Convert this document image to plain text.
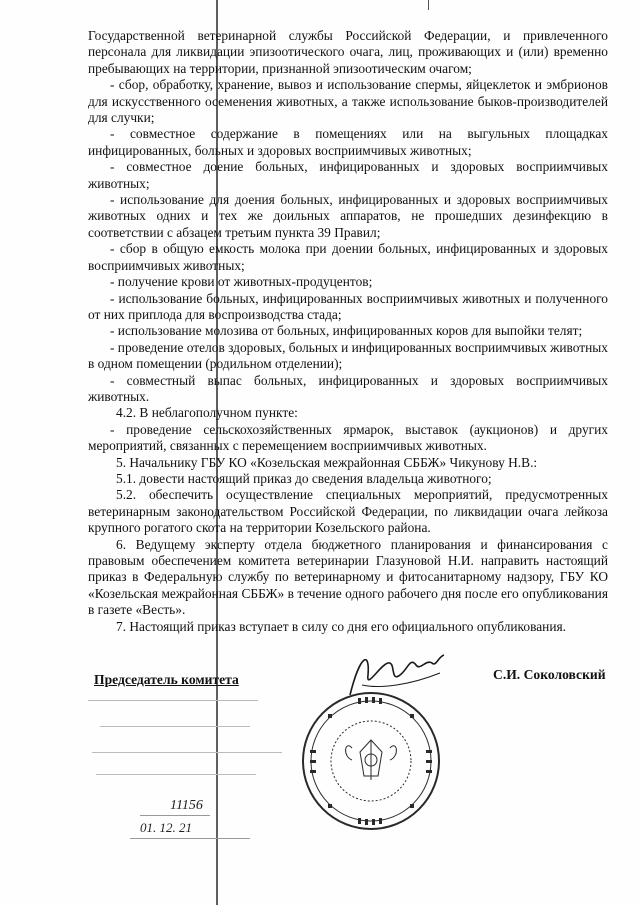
Государственной ветеринарной службы Российской Федерации, и привлеченного персонала для ликвидации эпизоотического очага, лиц, проживающих и (или) временно пребывающих на территории, признанной эпизоотическим очагом;

- сбор, обработку, хранение, вывоз и использование спермы, яйцеклеток и эмбрионов для искусственного осеменения животных, а также использование быков-производителей для случки;

- совместное содержание в помещениях или на выгульных площадках инфицированных, больных и здоровых восприимчивых животных;

- совместное доение больных, инфицированных и здоровых восприимчивых животных;

- использование для доения больных, инфицированных и здоровых восприимчивых животных одних и тех же доильных аппаратов, не прошедших дезинфекцию в соответствии с абзацем третьим пункта 39 Правил;

- сбор в общую емкость молока при доении больных, инфицированных и здоровых восприимчивых животных;

- получение крови от животных-продуцентов;

- использование больных, инфицированных восприимчивых животных и полученного от них приплода для воспроизводства стада;

- использование молозива от больных, инфицированных коров для выпойки телят;

- проведение отелов здоровых, больных и инфицированных восприимчивых животных в одном помещении (родильном отделении);

- совместный выпас больных, инфицированных и здоровых восприимчивых животных.

4.2. В неблагополучном пункте:

- проведение сельскохозяйственных ярмарок, выставок (аукционов) и других мероприятий, связанных с перемещением восприимчивых животных.

5. Начальнику ГБУ КО «Козельская межрайонная СББЖ» Чикунову Н.В.:

5.1. довести настоящий приказ до сведения владельца животного;

5.2. обеспечить осуществление специальных мероприятий, предусмотренных ветеринарным законодательством Российской Федерации, по ликвидации очага лейкоза крупного рогатого скота на территории Козельского района.

6. Ведущему эксперту отдела бюджетного планирования и финансирования с правовым обеспечением комитета ветеринарии Глазуновой Н.И. направить настоящий приказ в Федеральную службу по ветеринарному и фитосанитарному надзору, ГБУ КО «Козельская межрайонная СББЖ» в течение одного рабочего дня после его опубликования в газете «Весть».

7. Настоящий приказ вступает в силу со дня его официального опубликования.

Председатель комитета	С.И. Соколовский
11156
01. 12. 21
